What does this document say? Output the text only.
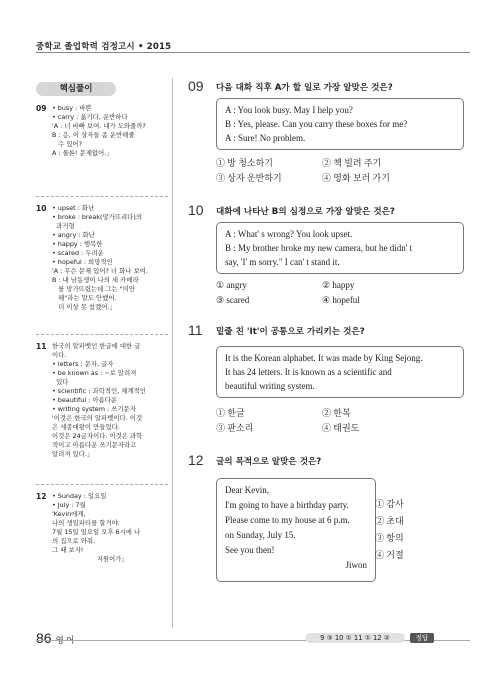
중학교 졸업학력 검정고시 • 2015
핵심풀이
09 • busy : 바쁜
• carry : 옮기다, 운반하다
'A : 너 바빠 보여. 내가 도와줄까?
B : 응, 이 상자들 좀 운반해줄
수 있어?
A : 물론! 문제없어.」
10 • upset : 화난
• broke : break(망가뜨리다)의
과거형
• angry : 화난
• happy : 행복한
• scared : 두려운
• hopeful : 희망적인
'A : 무슨 문제 있어? 너 화나 보여.
B : 내 남동생이 나의 새 카메라
를 망가뜨렸는데 그는 "미안
해"라는 말도 안했어.
더 이상 못 참겠어.」
11 한국의 알파벳인 한글에 대한 글
이다.
• letters : 문자, 글자
• be known as : ~로 알려져
있다
• scientific : 과학적인, 체계적인
• beautiful : 아름다운
• writing system : 쓰기문자
'이것은 한국의 알파벳이다. 이것
은 세종대왕이 만들었다.
이것은 24글자이다. 이것은 과학
적이고 아름다운 쓰기문자라고
알려져 있다.」
12 • Sunday : 일요일
• July : 7월
'Kevin에게,
나의 생일파티를 할거야.
7월 15일 일요일 오후 6시에 나
의 집으로 와줘.
그 때 보자!
지원이가」
09 다음 대화 직후 A가 할 일로 가장 알맞은 것은?
A : You look busy. May I help you?
B : Yes, please. Can you carry these boxes for me?
A : Sure! No problem.
① 방 청소하기	② 책 빌려 주기
③ 상자 운반하기	④ 영화 보러 가기
10 대화에 나타난 B의 심정으로 가장 알맞은 것은?
A : What' s wrong? You look upset.
B : My brother broke my new camera, but he didn' t
say, 'I' m sorry." I can' t stand it.
① angry	② happy
③ scared	④ hopeful
11 밑줄 친 'It'이 공통으로 가리키는 것은?
It is the Korean alphabet. It was made by King Sejong.
It has 24 letters. It is known as a scientific and
beautiful writing system.
① 한글	② 한복
③ 판소리	④ 태권도
12 글의 목적으로 알맞은 것은?
Dear Kevin,
I'm going to have a birthday party.
Please come to my house at 6 p.m.
on Sunday, July 15.
See you then!
Jiwon
① 감사
② 초대
③ 항의
④ 거절
86 영 어	9 ③ 10 ① 11 ① 12 ②	정답
